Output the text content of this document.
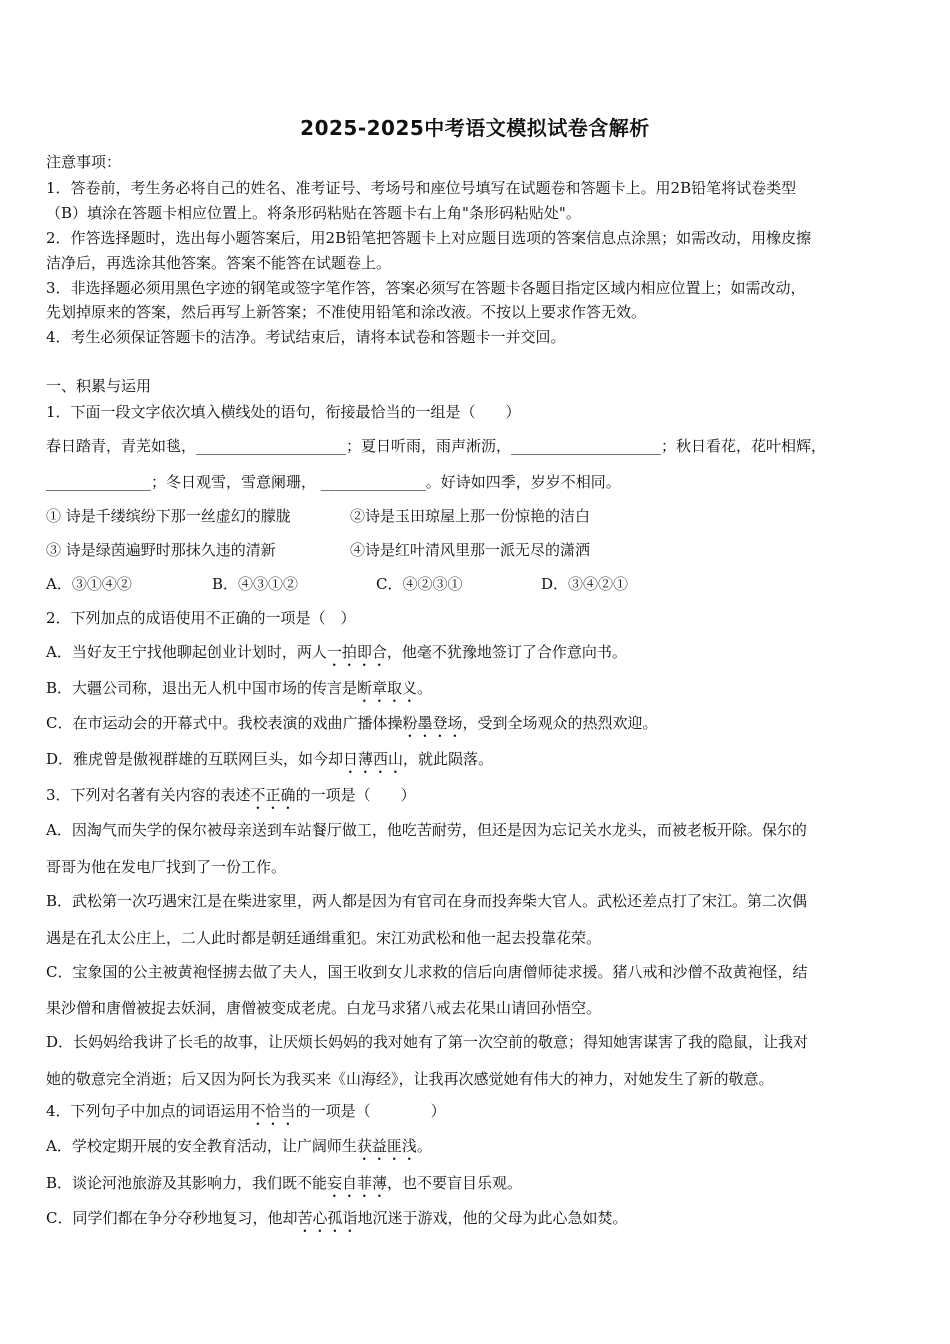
2025-2025中考语文模拟试卷含解析
注意事项：
1．答卷前，考生务必将自己的姓名、准考证号、考场号和座位号填写在试题卷和答题卡上。用2B铅笔将试卷类型
（B）填涂在答题卡相应位置上。将条形码粘贴在答题卡右上角"条形码粘贴处"。
2．作答选择题时，选出每小题答案后，用2B铅笔把答题卡上对应题目选项的答案信息点涂黑；如需改动，用橡皮擦
洁净后，再选涂其他答案。答案不能答在试题卷上。
3．非选择题必须用黑色字迹的钢笔或签字笔作答，答案必须写在答题卡各题目指定区域内相应位置上；如需改动，
先划掉原来的答案，然后再写上新答案；不准使用铅笔和涂改液。不按以上要求作答无效。
4．考生必须保证答题卡的洁净。考试结束后，请将本试卷和答题卡一并交回。
一、积累与运用
1．下面一段文字依次填入横线处的语句，衔接最恰当的一组是（　　）
春日踏青，青芜如毯，____________________；夏日听雨，雨声淅沥，____________________；秋日看花，花叶相辉，
______________；冬日观雪，雪意阑珊， ______________。好诗如四季，岁岁不相同。
① 诗是千缕缤纷下那一丝虚幻的朦胧	②诗是玉田琼屋上那一份惊艳的洁白
③ 诗是绿茵遍野时那抹久违的清新	④诗是红叶清风里那一派无尽的潇洒
A．③①④②	B．④③①②	C．④②③①	D．③④②①
2．下列加点的成语使用不正确的一项是（　）
A．当好友王宁找他聊起创业计划时，两人一拍即合，他毫不犹豫地签订了合作意向书。
B．大疆公司称，退出无人机中国市场的传言是断章取义。
C．在市运动会的开幕式中。我校表演的戏曲广播体操粉墨登场，受到全场观众的热烈欢迎。
D．雅虎曾是傲视群雄的互联网巨头，如今却日薄西山，就此陨落。
3．下列对名著有关内容的表述不正确的一项是（　　）
A．因淘气而失学的保尔被母亲送到车站餐厅做工，他吃苦耐劳，但还是因为忘记关水龙头，而被老板开除。保尔的
哥哥为他在发电厂找到了一份工作。
B．武松第一次巧遇宋江是在柴进家里，两人都是因为有官司在身而投奔柴大官人。武松还差点打了宋江。第二次偶
遇是在孔太公庄上，二人此时都是朝廷通缉重犯。宋江劝武松和他一起去投靠花荣。
C．宝象国的公主被黄袍怪掳去做了夫人，国王收到女儿求救的信后向唐僧师徒求援。猪八戒和沙僧不敌黄袍怪，结
果沙僧和唐僧被捉去妖洞，唐僧被变成老虎。白龙马求猪八戒去花果山请回孙悟空。
D．长妈妈给我讲了长毛的故事，让厌烦长妈妈的我对她有了第一次空前的敬意；得知她害谋害了我的隐鼠，让我对
她的敬意完全消逝；后又因为阿长为我买来《山海经》，让我再次感觉她有伟大的神力，对她发生了新的敬意。
4．下列句子中加点的词语运用不恰当的一项是（　　　　）
A．学校定期开展的安全教育活动，让广阔师生获益匪浅。
B．谈论河池旅游及其影响力，我们既不能妄自菲薄，也不要盲目乐观。
C．同学们都在争分夺秒地复习，他却苦心孤诣地沉迷于游戏，他的父母为此心急如焚。
